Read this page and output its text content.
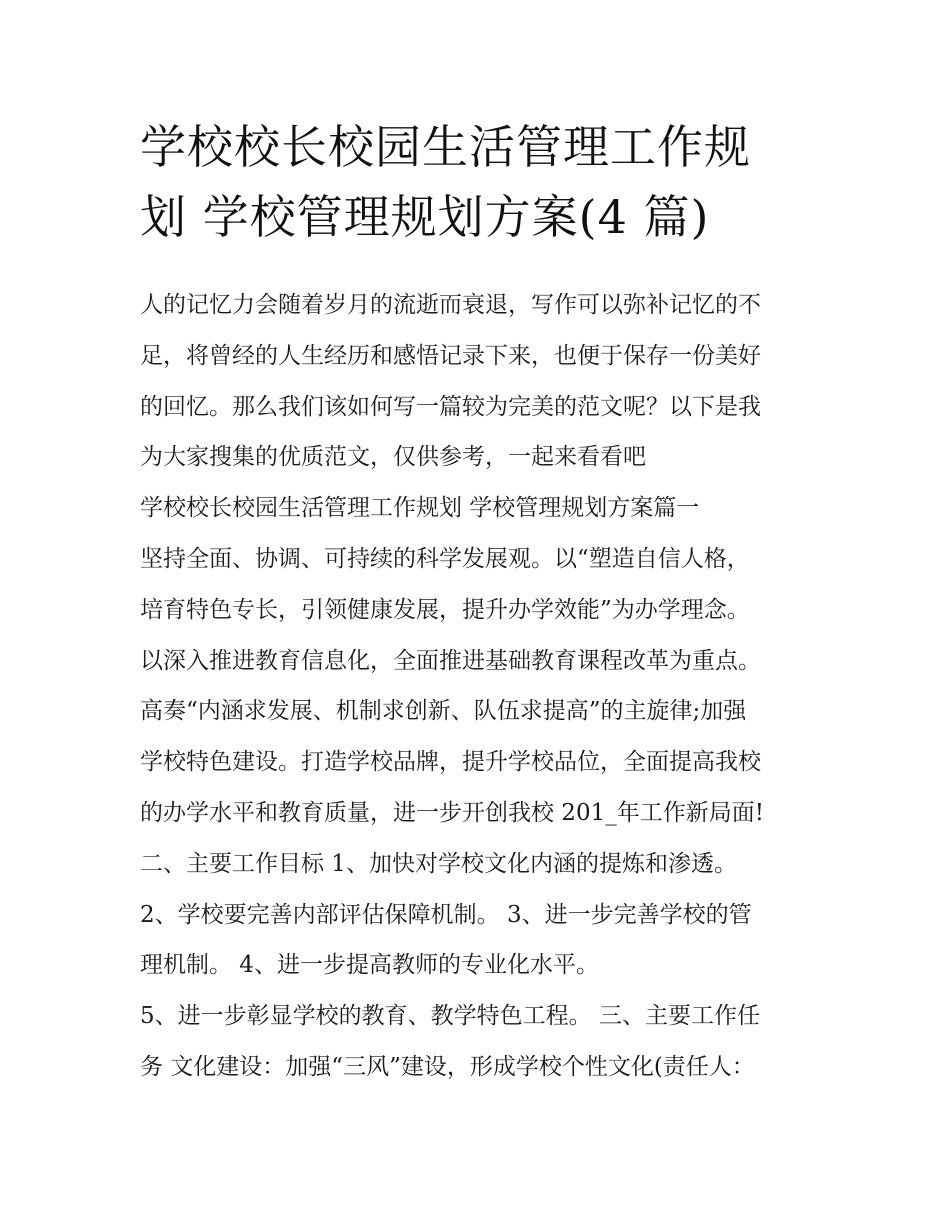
学校校长校园生活管理工作规
划 学校管理规划方案(4 篇)
人的记忆力会随着岁月的流逝而衰退，写作可以弥补记忆的不
足，将曾经的人生经历和感悟记录下来，也便于保存一份美好
的回忆。那么我们该如何写一篇较为完美的范文呢？以下是我
为大家搜集的优质范文，仅供参考，一起来看看吧
学校校长校园生活管理工作规划 学校管理规划方案篇一
坚持全面、协调、可持续的科学发展观。以“塑造自信人格，
培育特色专长，引领健康发展，提升办学效能”为办学理念。
以深入推进教育信息化，全面推进基础教育课程改革为重点。
高奏“内涵求发展、机制求创新、队伍求提高”的主旋律;加强
学校特色建设。打造学校品牌，提升学校品位，全面提高我校
的办学水平和教育质量，进一步开创我校 201_年工作新局面!
二、主要工作目标 1、加快对学校文化内涵的提炼和渗透。
2、学校要完善内部评估保障机制。 3、进一步完善学校的管
理机制。 4、进一步提高教师的专业化水平。
5、进一步彰显学校的教育、教学特色工程。 三、主要工作任
务 文化建设：加强“三风”建设，形成学校个性文化(责任人：
